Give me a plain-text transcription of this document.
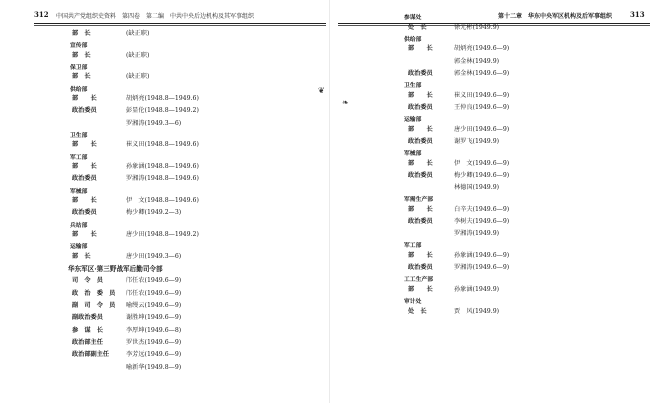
312 中国共产党组织史资料　第四卷　第二编　中共中央后边机构及其军事组织
部　长	(缺正职)
宣传部
部　长	(缺正职)
保卫部
部　长	(缺正职)
供给部
部　　长	胡炳亮(1948.8—1949.6)
政治委员	彭显伦(1948.8—1949.2)
罗湘涛(1949.3—6)
卫生部
部　　长	崔义田(1948.8—1949.6)
军工部
部　　长	孙象涵(1948.8—1949.6)
政治委员	罗湘涛(1948.8—1949.6)
军械部
部　　长	伊　文(1948.8—1949.6)
政治委员	梅少卿(1949.2—3)
兵站部
部　　长	唐少田(1948.8—1949.2)
运输部
部　长	唐少田(1949.3—6)
华东军区·第三野战军后勤司令部
司　令　员	邝任农(1949.6—9)
政　治　委　员 邝任农(1949.6—9)
副　司　令　员 喻缦云(1949.6—9)
副政治委员	谢胜坤(1949.6—9)
参　谋　长	李厚坤(1949.6—8)
政治部主任	罗世杰(1949.6—9)
政治部副主任	李芳远(1949.6—9)
喻新华(1949.8—9)
❦
第十二章　华东中央军区机构及后军事组织	313
参谋处
处　长	徐元彬(1949.9)
供给部
部　　长	胡炳亮(1949.6—9)
郭金林(1949.9)
政治委员	郭金林(1949.6—9)
卫生部
部　　长	崔义田(1949.6—9)
政治委员	王仲良(1949.6—9)
运输部
部　　长	唐少田(1949.6—9)
政治委员	谢罗飞(1949.9)
军械部
部　　长	伊　文(1949.6—9)
政治委员	梅少卿(1949.6—9)
林德国(1949.9)
军需生产部
部　　长	白辛夫(1949.6—9)
政治委员	李树夫(1949.6—9)
罗湘涛(1949.9)
军工部
部　　长	孙象涵(1949.6—9)
政治委员	罗湘涛(1949.6—9)
工工生产部
部　　长	孙象涵(1949.9)
审计处
处　长	贾　风(1949.9)
❧
